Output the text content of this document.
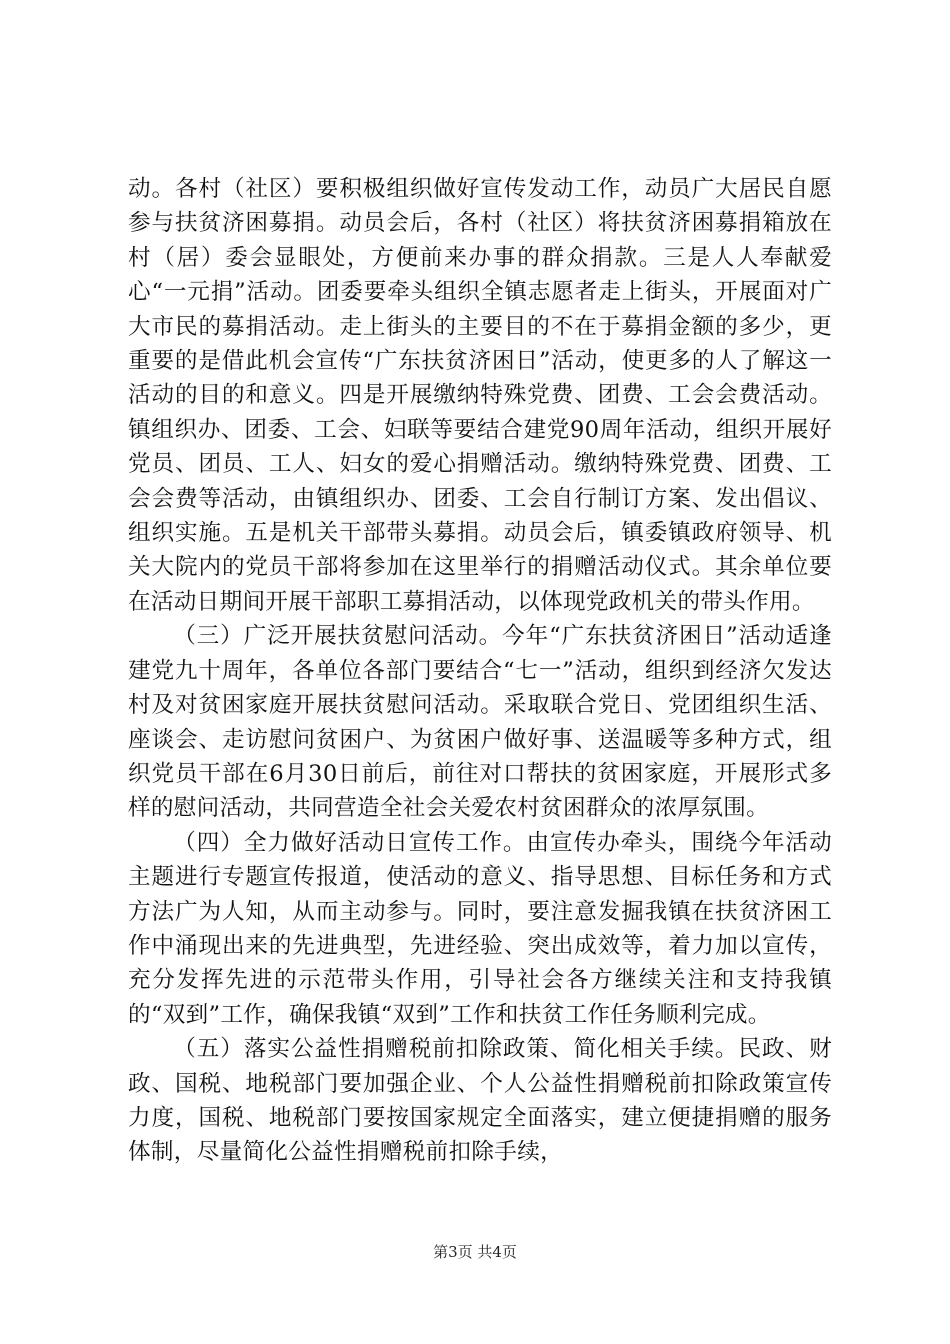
动。各村（社区）要积极组织做好宣传发动工作，动员广大居民自愿参与扶贫济困募捐。动员会后，各村（社区）将扶贫济困募捐箱放在村（居）委会显眼处，方便前来办事的群众捐款。三是人人奉献爱心“一元捐”活动。团委要牵头组织全镇志愿者走上街头，开展面对广大市民的募捐活动。走上街头的主要目的不在于募捐金额的多少，更重要的是借此机会宣传“广东扶贫济困日”活动，使更多的人了解这一活动的目的和意义。四是开展缴纳特殊党费、团费、工会会费活动。镇组织办、团委、工会、妇联等要结合建党90周年活动，组织开展好党员、团员、工人、妇女的爱心捐赠活动。缴纳特殊党费、团费、工会会费等活动，由镇组织办、团委、工会自行制订方案、发出倡议、组织实施。五是机关干部带头募捐。动员会后，镇委镇政府领导、机关大院内的党员干部将参加在这里举行的捐赠活动仪式。其余单位要在活动日期间开展干部职工募捐活动，以体现党政机关的带头作用。

（三）广泛开展扶贫慰问活动。今年“广东扶贫济困日”活动适逢建党九十周年，各单位各部门要结合“七一”活动，组织到经济欠发达村及对贫困家庭开展扶贫慰问活动。采取联合党日、党团组织生活、座谈会、走访慰问贫困户、为贫困户做好事、送温暖等多种方式，组织党员干部在6月30日前后，前往对口帮扶的贫困家庭，开展形式多样的慰问活动，共同营造全社会关爱农村贫困群众的浓厚氛围。

（四）全力做好活动日宣传工作。由宣传办牵头，围绕今年活动主题进行专题宣传报道，使活动的意义、指导思想、目标任务和方式方法广为人知，从而主动参与。同时，要注意发掘我镇在扶贫济困工作中涌现出来的先进典型，先进经验、突出成效等，着力加以宣传，充分发挥先进的示范带头作用，引导社会各方继续关注和支持我镇的“双到”工作，确保我镇“双到”工作和扶贫工作任务顺利完成。

（五）落实公益性捐赠税前扣除政策、简化相关手续。民政、财政、国税、地税部门要加强企业、个人公益性捐赠税前扣除政策宣传力度，国税、地税部门要按国家规定全面落实，建立便捷捐赠的服务体制，尽量简化公益性捐赠税前扣除手续，

第3页 共4页
